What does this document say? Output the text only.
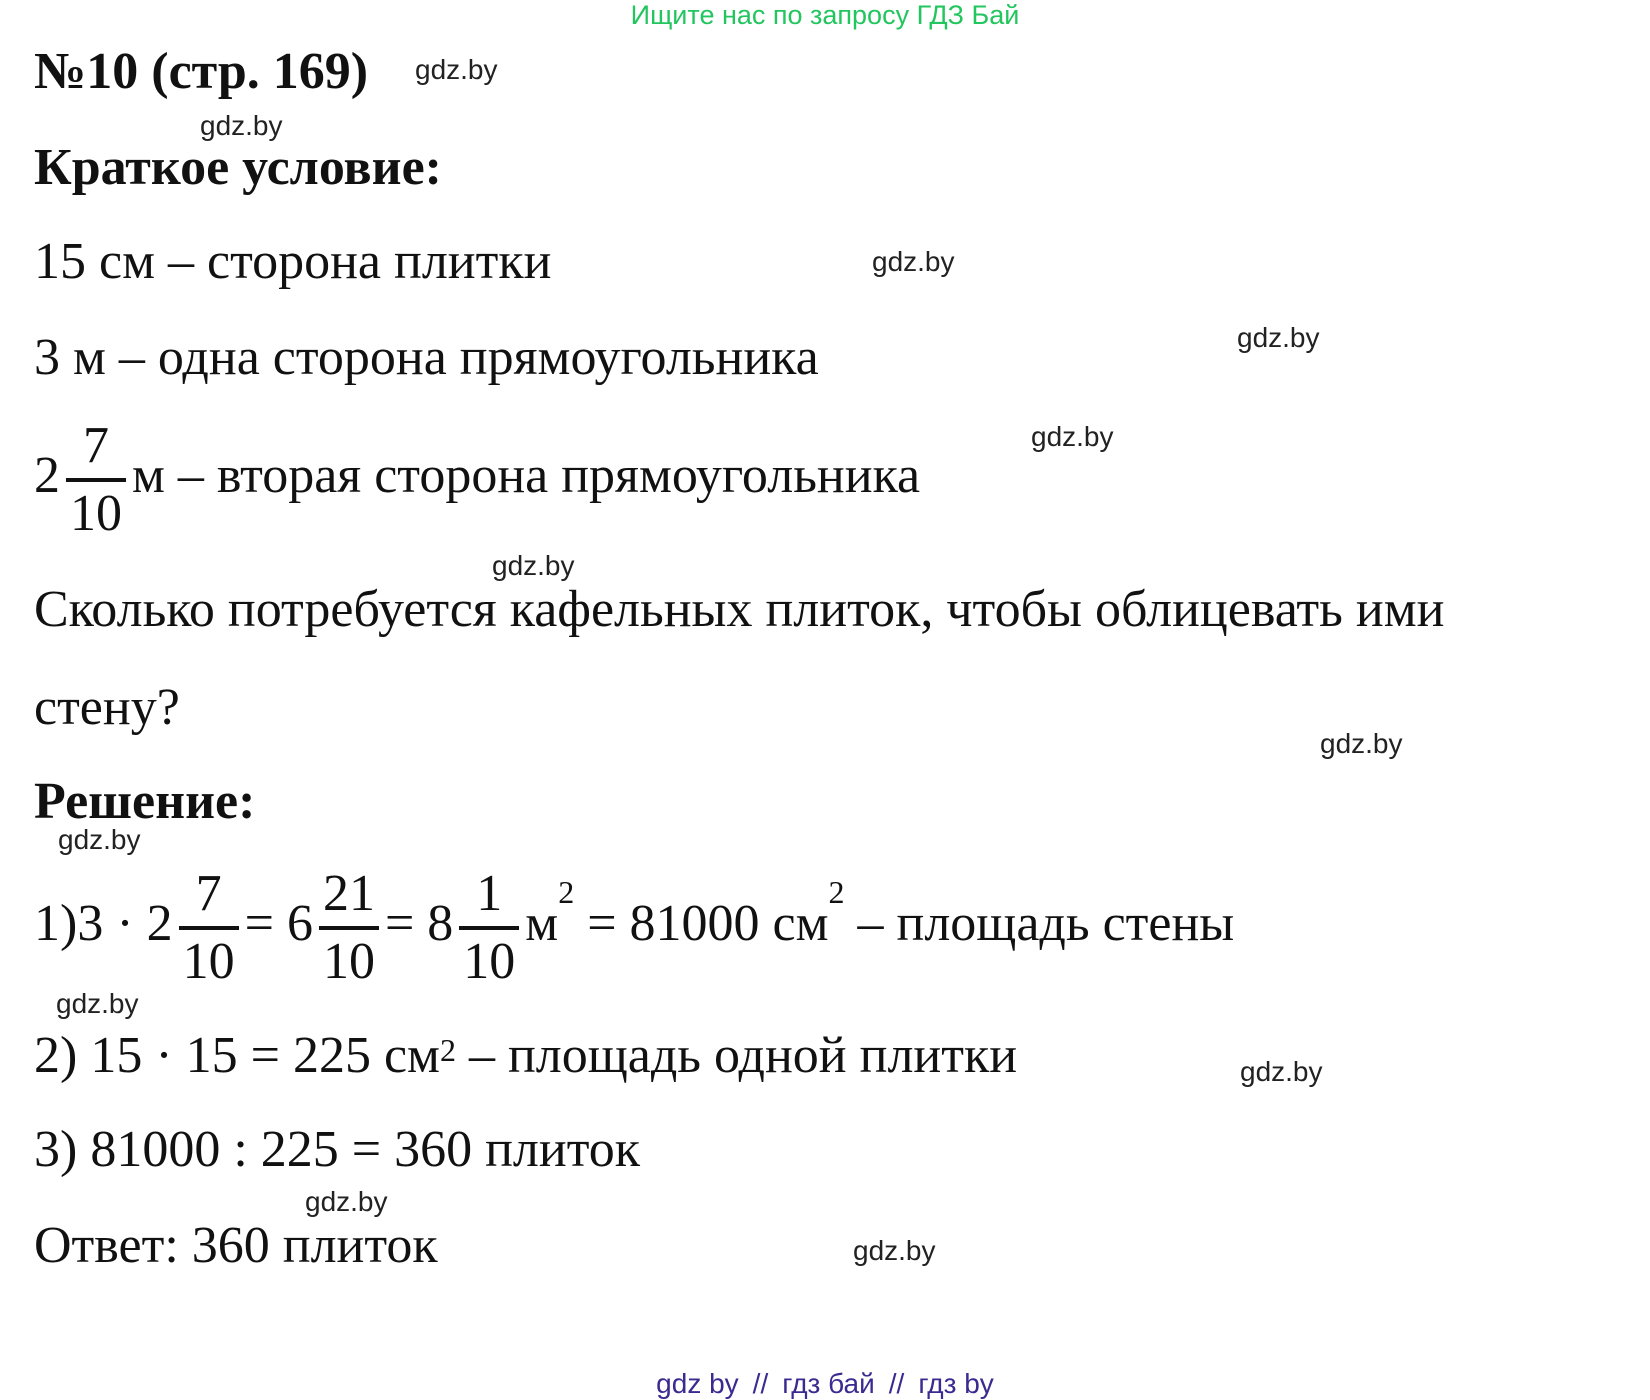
Ищите нас по запросу ГДЗ Бай
№10 (стр. 169) gdz.by
gdz.by
Краткое условие:
15 см – сторона плитки	gdz.by
3 м – одна сторона прямоугольника	gdz.by
gdz.by
$2 \frac{7}{10}$ м – вторая сторона прямоугольника
gdz.by
Сколько потребуется кафельных плиток, чтобы облицевать ими
стену?
gdz.by
Решение:
gdz.by
$1)3 \cdot 2 \frac{7}{10} = 6 \frac{21}{10} = 8 \frac{1}{10} м^2 = 81000$ $см^2$ – площадь стены
gdz.by
2) 15 · 15 = 225 $см^2$ – площадь одной плитки	gdz.by
3) 81000 : 225 = 360 плиток
gdz.by
Ответ: 360 плиток	gdz.by
gdz by // гдз бай // гдз by
